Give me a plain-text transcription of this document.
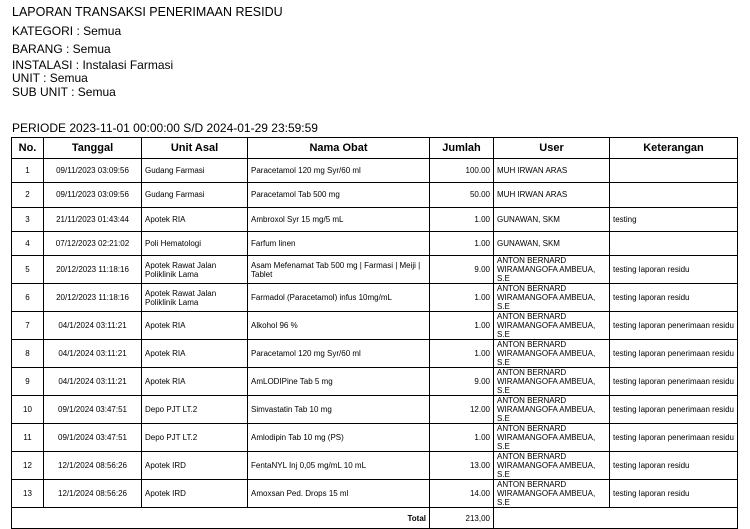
LAPORAN TRANSAKSI PENERIMAAN RESIDU
KATEGORI : Semua
BARANG : Semua
INSTALASI : Instalasi Farmasi
UNIT : Semua
SUB UNIT : Semua
PERIODE 2023-11-01 00:00:00 S/D 2024-01-29 23:59:59
No.	Tanggal	Unit Asal	Nama Obat	Jumlah	User	Keterangan
1	09/11/2023 03:09:56	Gudang Farmasi	Paracetamol 120 mg Syr/60 ml	100.00	MUH IRWAN ARAS	
2	09/11/2023 03:09:56	Gudang Farmasi	Paracetamol Tab 500 mg	50.00	MUH IRWAN ARAS	
3	21/11/2023 01:43:44	Apotek RIA	Ambroxol Syr 15 mg/5 mL	1.00	GUNAWAN, SKM	testing
4	07/12/2023 02:21:02	Poli Hematologi	Farfum linen	1.00	GUNAWAN, SKM	
5	20/12/2023 11:18:16	Apotek Rawat Jalan Poliklinik Lama	Asam Mefenamat Tab 500 mg | Farmasi | Meiji | Tablet	9.00	ANTON BERNARD WIRAMANGOFA AMBEUA, S.E	testing laporan residu
6	20/12/2023 11:18:16	Apotek Rawat Jalan Poliklinik Lama	Farmadol (Paracetamol) infus 10mg/mL	1.00	ANTON BERNARD WIRAMANGOFA AMBEUA, S.E	testing laporan residu
7	04/1/2024 03:11:21	Apotek RIA	Alkohol 96 %	1.00	ANTON BERNARD WIRAMANGOFA AMBEUA, S.E	testing laporan penerimaan residu
8	04/1/2024 03:11:21	Apotek RIA	Paracetamol 120 mg Syr/60 ml	1.00	ANTON BERNARD WIRAMANGOFA AMBEUA, S.E	testing laporan penerimaan residu
9	04/1/2024 03:11:21	Apotek RIA	AmLODIPine Tab 5 mg	9.00	ANTON BERNARD WIRAMANGOFA AMBEUA, S.E	testing laporan penerimaan residu
10	09/1/2024 03:47:51	Depo PJT LT.2	Simvastatin Tab 10 mg	12.00	ANTON BERNARD WIRAMANGOFA AMBEUA, S.E	testing laporan penerimaan residu
11	09/1/2024 03:47:51	Depo PJT LT.2	Amlodipin Tab 10 mg (PS)	1.00	ANTON BERNARD WIRAMANGOFA AMBEUA, S.E	testing laporan penerimaan residu
12	12/1/2024 08:56:26	Apotek IRD	FentaNYL Inj 0,05 mg/mL 10 mL	13.00	ANTON BERNARD WIRAMANGOFA AMBEUA, S.E	testing laporan residu
13	12/1/2024 08:56:26	Apotek IRD	Amoxsan Ped. Drops 15 ml	14.00	ANTON BERNARD WIRAMANGOFA AMBEUA, S.E	testing laporan residu
Total				213,00		
